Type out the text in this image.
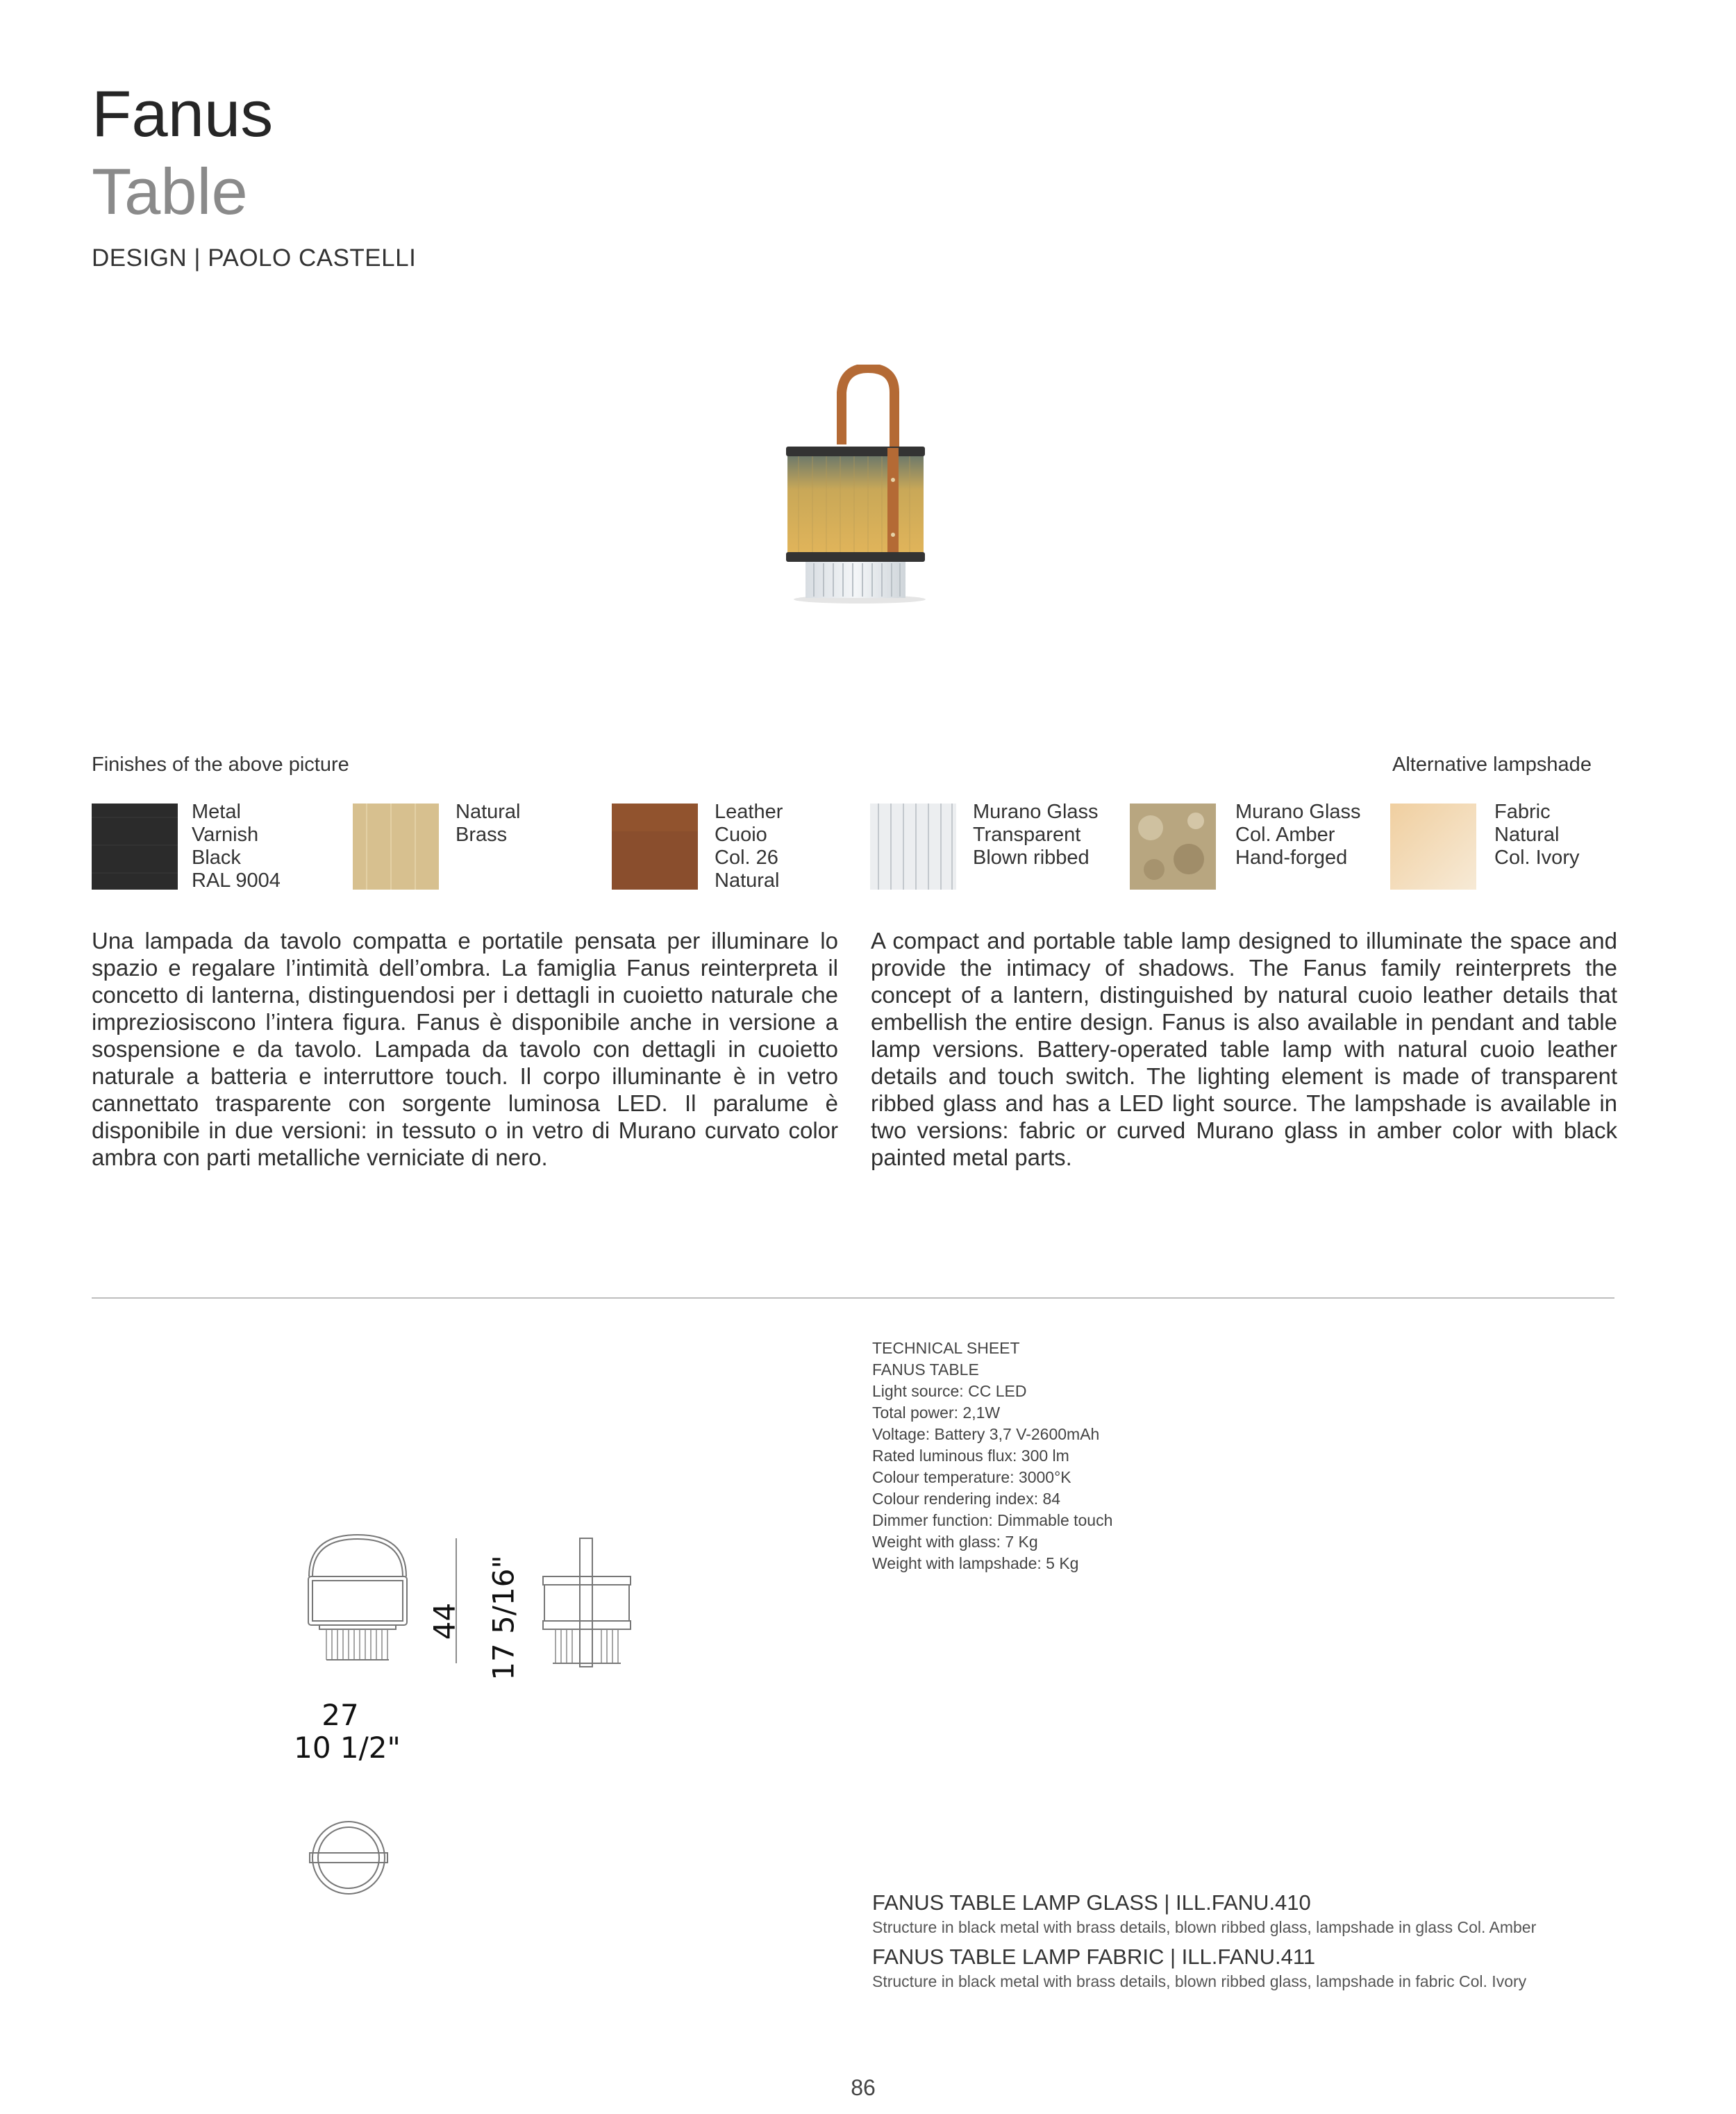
Fanus
Table
DESIGN | PAOLO CASTELLI
Finishes of the above picture	Alternative lampshade
Metal
Varnish
Black
RAL 9004
Natural
Brass
Leather
Cuoio
Col. 26
Natural
Murano Glass
Transparent
Blown ribbed
Murano Glass
Col. Amber
Hand-forged
Fabric
Natural
Col. Ivory
Una lampada da tavolo compatta e portatile pensata per illuminare lo spazio e regalare l’intimità dell’ombra. La famiglia Fanus reinterpreta il concetto di lanterna, distinguendosi per i dettagli in cuoietto naturale che impreziosiscono l’intera figura. Fanus è disponibile anche in versione a sospensione e da tavolo. Lampada da tavolo con dettagli in cuoietto naturale a batteria e interruttore touch. Il corpo illuminante è in vetro cannettato trasparente con sorgente luminosa LED. Il paralume è disponibile in due versioni: in tessuto o in vetro di Murano curvato color ambra con parti metalliche verniciate di nero.
A compact and portable table lamp designed to illuminate the space and provide the intimacy of shadows. The Fanus family reinterprets the concept of a lantern, distinguished by natural cuoio leather details that embellish the entire design. Fanus is also available in pendant and table lamp versions. Battery-operated table lamp with natural cuoio leather details and touch switch. The lighting element is made of transparent ribbed glass and has a LED light source. The lampshade is available in two versions: fabric or curved Murano glass in amber color with black painted metal parts.
44 17 5/16"
27
10 1/2"
TECHNICAL SHEET
FANUS TABLE
Light source: CC LED
Total power: 2,1W
Voltage: Battery 3,7 V-2600mAh
Rated luminous flux: 300 lm
Colour temperature: 3000°K
Colour rendering index: 84
Dimmer function: Dimmable touch
Weight with glass: 7 Kg
Weight with lampshade: 5 Kg
FANUS TABLE LAMP GLASS | ILL.FANU.410
Structure in black metal with brass details, blown ribbed glass, lampshade in glass Col. Amber
FANUS TABLE LAMP FABRIC | ILL.FANU.411
Structure in black metal with brass details, blown ribbed glass, lampshade in fabric Col. Ivory
86
